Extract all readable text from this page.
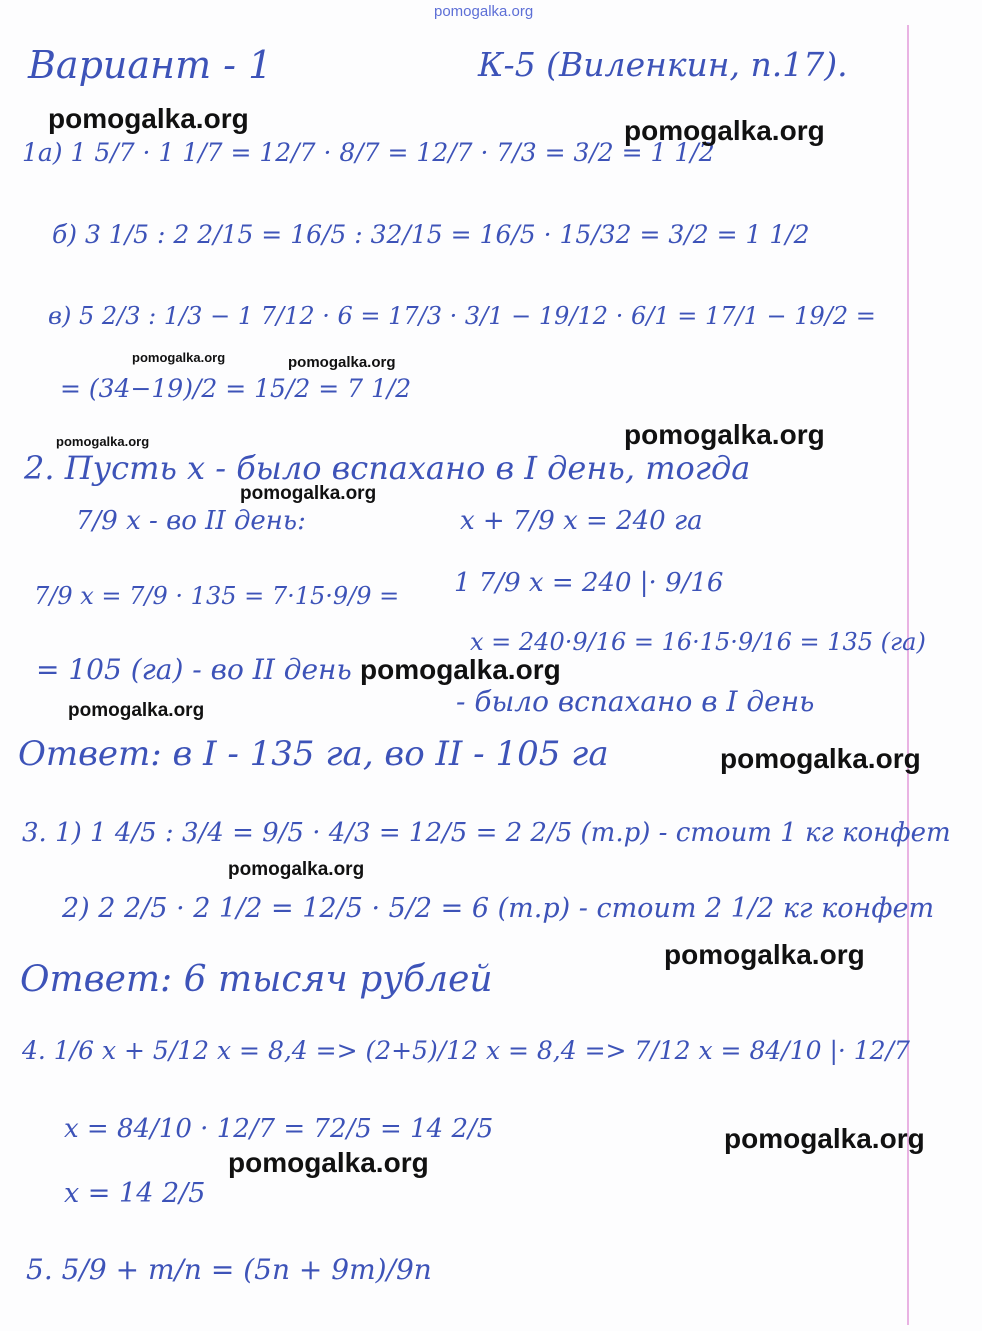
pomogalka.org
Вариант - 1	К-5 (Виленкин, п.17).
1а) 1 5/7 · 1 1/7 = 12/7 · 8/7 = 12/7 · 7/3 = 3/2 = 1 1/2
б) 3 1/5 : 2 2/15 = 16/5 : 32/15 = 16/5 · 15/32 = 3/2 = 1 1/2
в) 5 2/3 : 1/3 − 1 7/12 · 6 = 17/3 · 3/1 − 19/12 · 6/1 = 17/1 − 19/2 =
= (34−19)/2 = 15/2 = 7 1/2
2. Пусть x - было вспахано в I день, тогда
7/9 x - во II день:	x + 7/9 x = 240 га
7/9 x = 7/9 · 135 = 7·15·9/9 = 1 7/9 x = 240 |· 9/16
x = 240·9/16 = 16·15·9/16 = 135 (га)
= 105 (га) - во II день
- было вспахано в I день
Ответ: в I - 135 га, во II - 105 га
3. 1) 1 4/5 : 3/4 = 9/5 · 4/3 = 12/5 = 2 2/5 (т.р) - стоит 1 кг конфет
2) 2 2/5 · 2 1/2 = 12/5 · 5/2 = 6 (т.р) - стоит 2 1/2 кг конфет
Ответ: 6 тысяч рублей
4. 1/6 x + 5/12 x = 8,4 => (2+5)/12 x = 8,4 => 7/12 x = 84/10 |· 12/7
x = 84/10 · 12/7 = 72/5 = 14 2/5
x = 14 2/5
5. 5/9 + m/n = (5n + 9m)/9n
pomogalka.org	pomogalka.org
pomogalka.org	pomogalka.org
pomogalka.org
pomogalka.org
pomogalka.org
pomogalka.org
pomogalka.org
pomogalka.org
pomogalka.org
pomogalka.org
pomogalka.org
pomogalka.org
